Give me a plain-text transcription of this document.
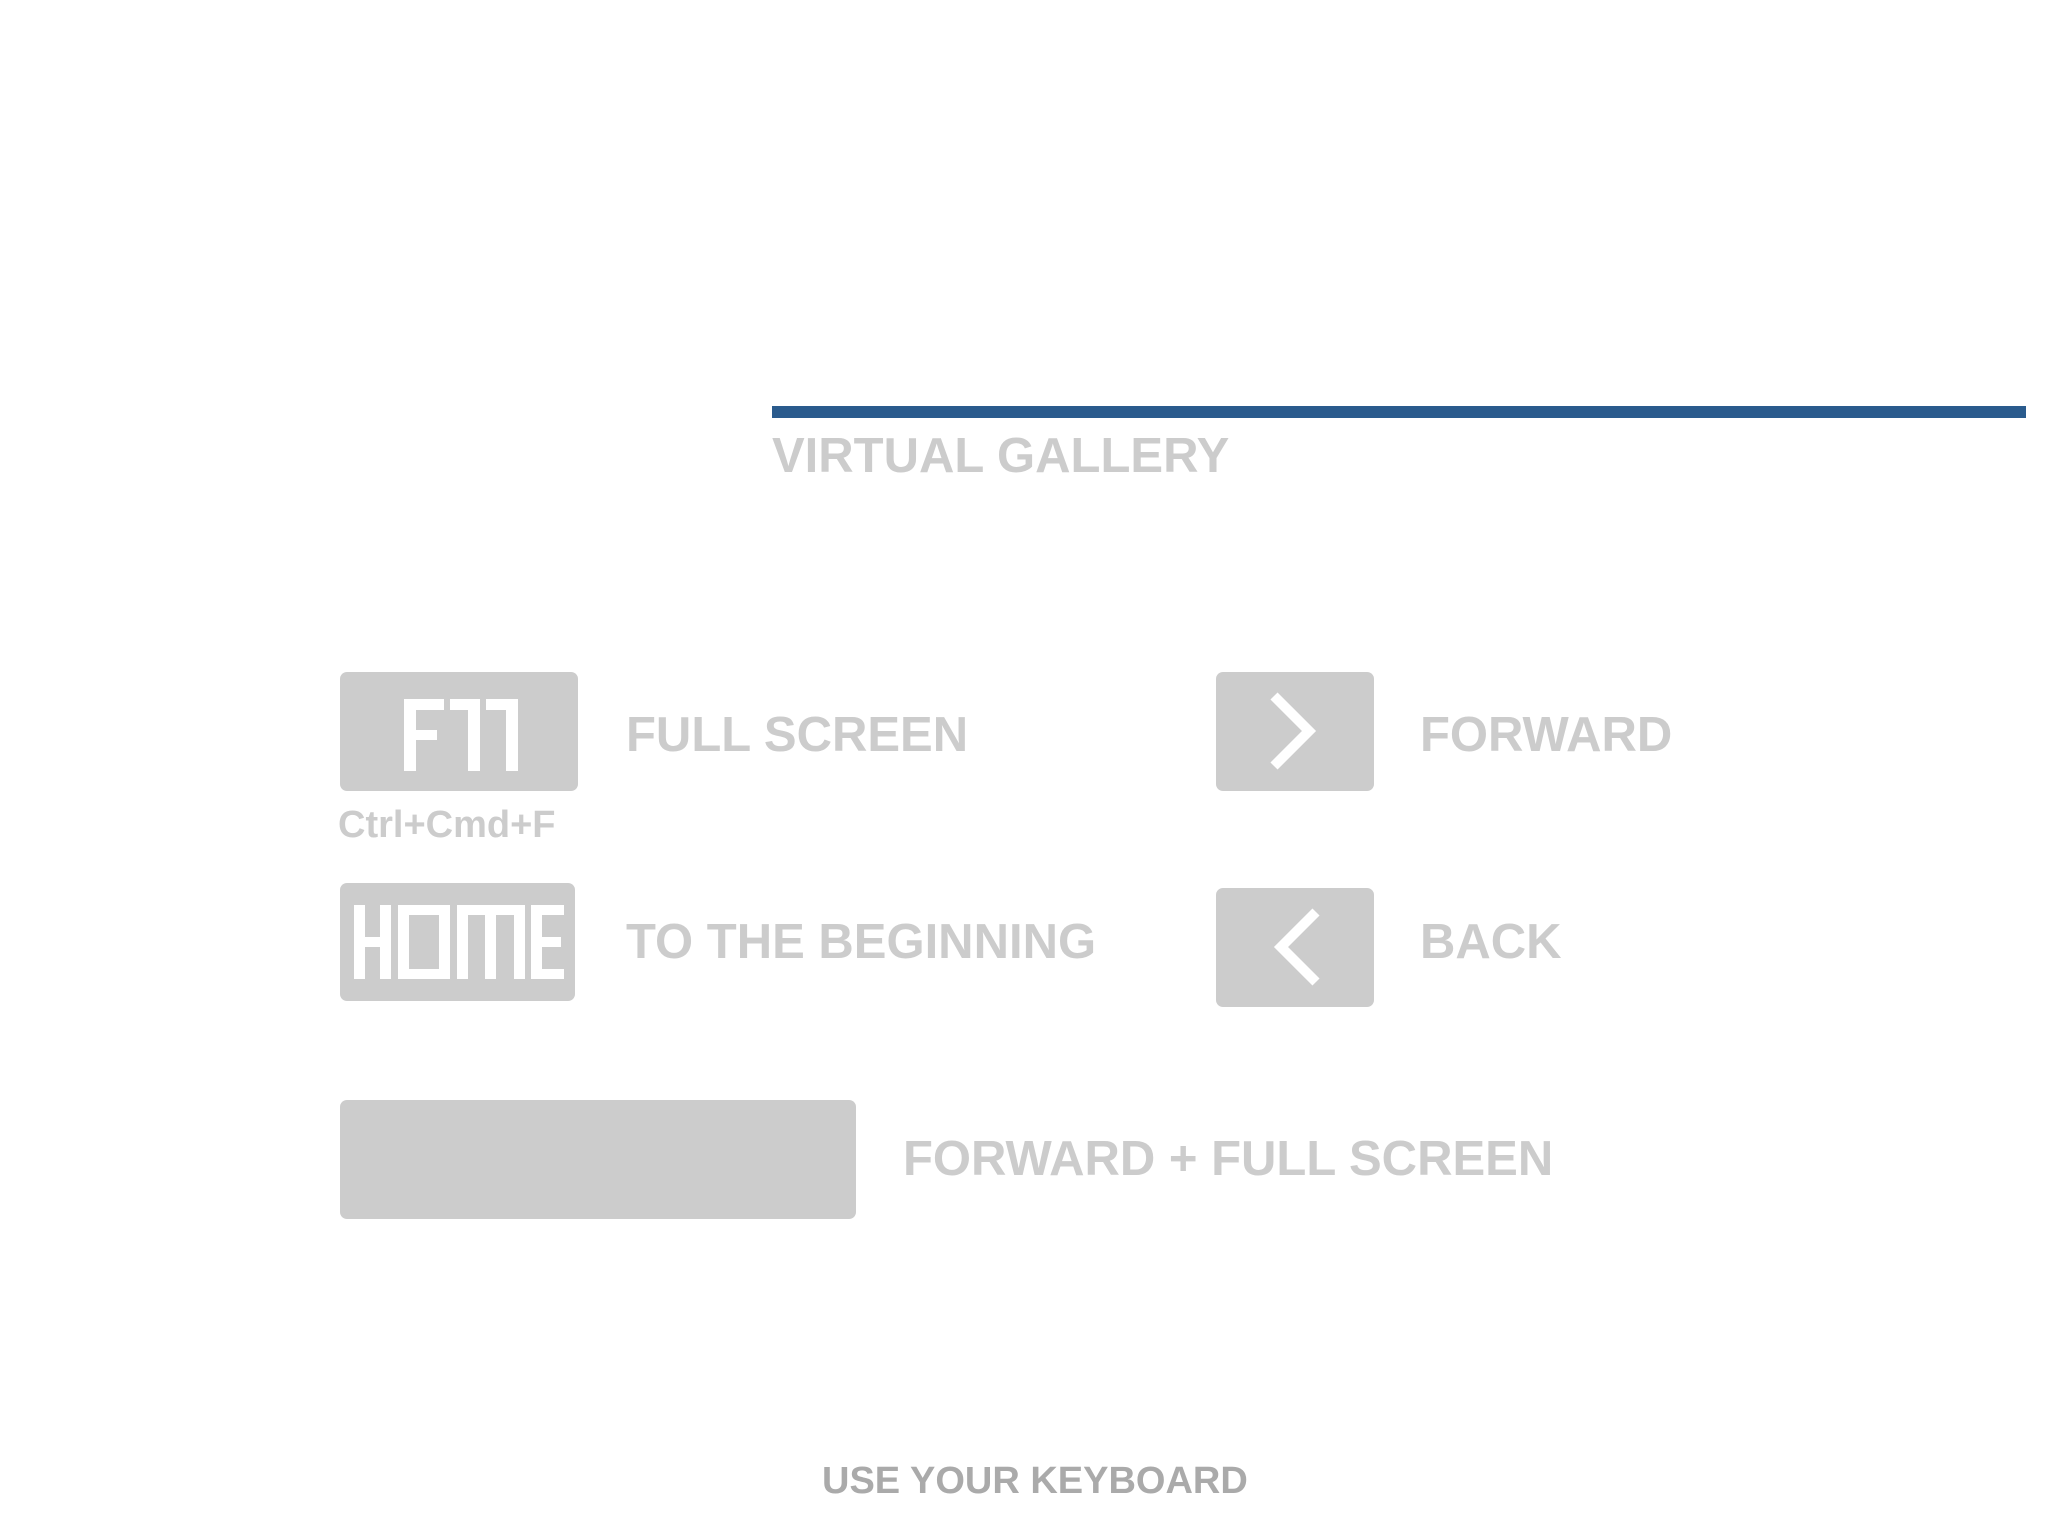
VIRTUAL GALLERY
Ctrl+Cmd+F
FULL SCREEN
TO THE BEGINNING
FORWARD
BACK
FORWARD + FULL SCREEN
USE YOUR KEYBOARD
